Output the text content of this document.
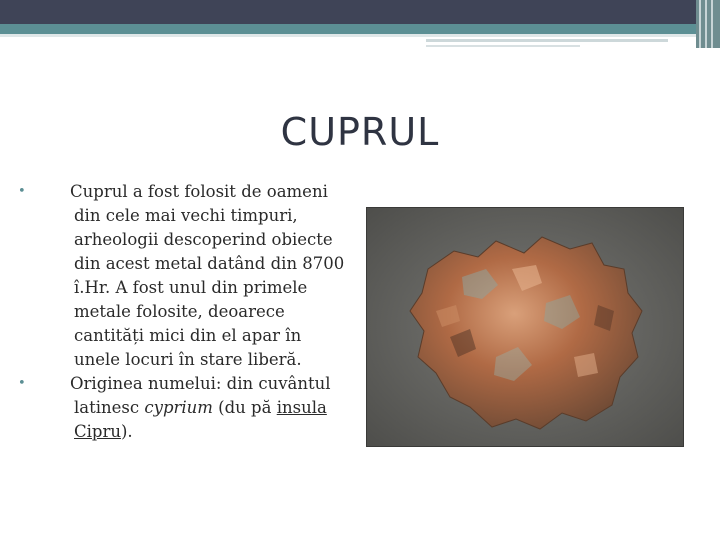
CUPRUL
•	Cuprul a fost folosit de oameni din cele mai vechi timpuri, arheologii descoperind obiecte din acest metal datând din 8700 î.Hr. A fost unul din primele metale folosite, deoarece cantități mici din el apar în unele locuri în stare liberă.
•	Originea numelui: din cuvântul latinesc cyprium (du pă insula Cipru).
